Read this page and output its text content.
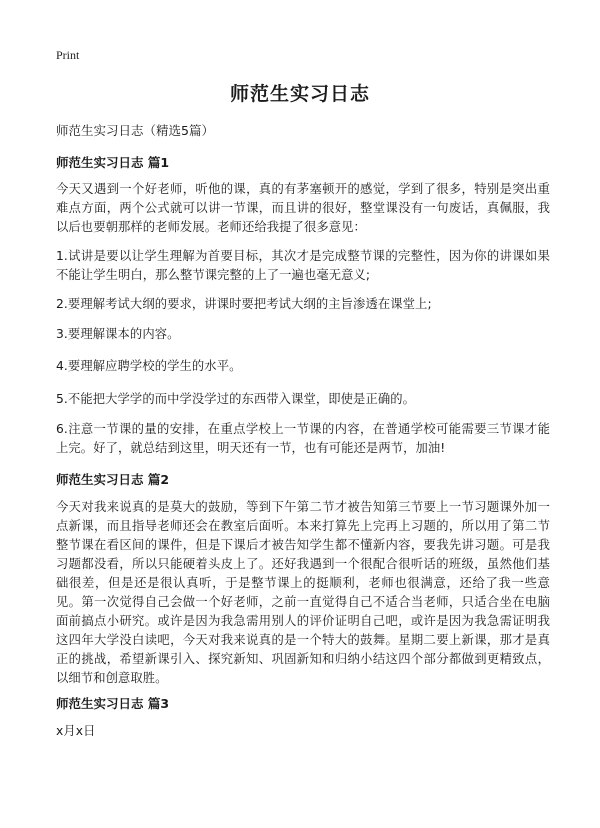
Print
师范生实习日志
师范生实习日志（精选5篇）
师范生实习日志 篇1
今天又遇到一个好老师，听他的课，真的有茅塞顿开的感觉，学到了很多，特别是突出重难点方面，两个公式就可以讲一节课，而且讲的很好，整堂课没有一句废话，真佩服，我以后也要朝那样的老师发展。老师还给我提了很多意见：
1.试讲是要以让学生理解为首要目标，其次才是完成整节课的完整性，因为你的讲课如果不能让学生明白，那么整节课完整的上了一遍也毫无意义;
2.要理解考试大纲的要求，讲课时要把考试大纲的主旨渗透在课堂上;
3.要理解课本的内容。
4.要理解应聘学校的学生的水平。
5.不能把大学学的而中学没学过的东西带入课堂，即使是正确的。
6.注意一节课的量的安排，在重点学校上一节课的内容，在普通学校可能需要三节课才能上完。好了，就总结到这里，明天还有一节，也有可能还是两节，加油!
师范生实习日志 篇2
今天对我来说真的是莫大的鼓励，等到下午第二节才被告知第三节要上一节习题课外加一点新课，而且指导老师还会在教室后面听。本来打算先上完再上习题的，所以用了第二节整节课在看区间的课件，但是下课后才被告知学生都不懂新内容，要我先讲习题。可是我习题都没看，所以只能硬着头皮上了。还好我遇到一个很配合很听话的班级，虽然他们基础很差，但是还是很认真听，于是整节课上的挺顺利，老师也很满意，还给了我一些意见。第一次觉得自己会做一个好老师，之前一直觉得自己不适合当老师，只适合坐在电脑面前搞点小研究。或许是因为我急需用别人的评价证明自己吧，或许是因为我急需证明我这四年大学没白读吧，今天对我来说真的是一个特大的鼓舞。星期二要上新课，那才是真正的挑战，希望新课引入、探究新知、巩固新知和归纳小结这四个部分都做到更精致点，以细节和创意取胜。
师范生实习日志 篇3
x月x日
